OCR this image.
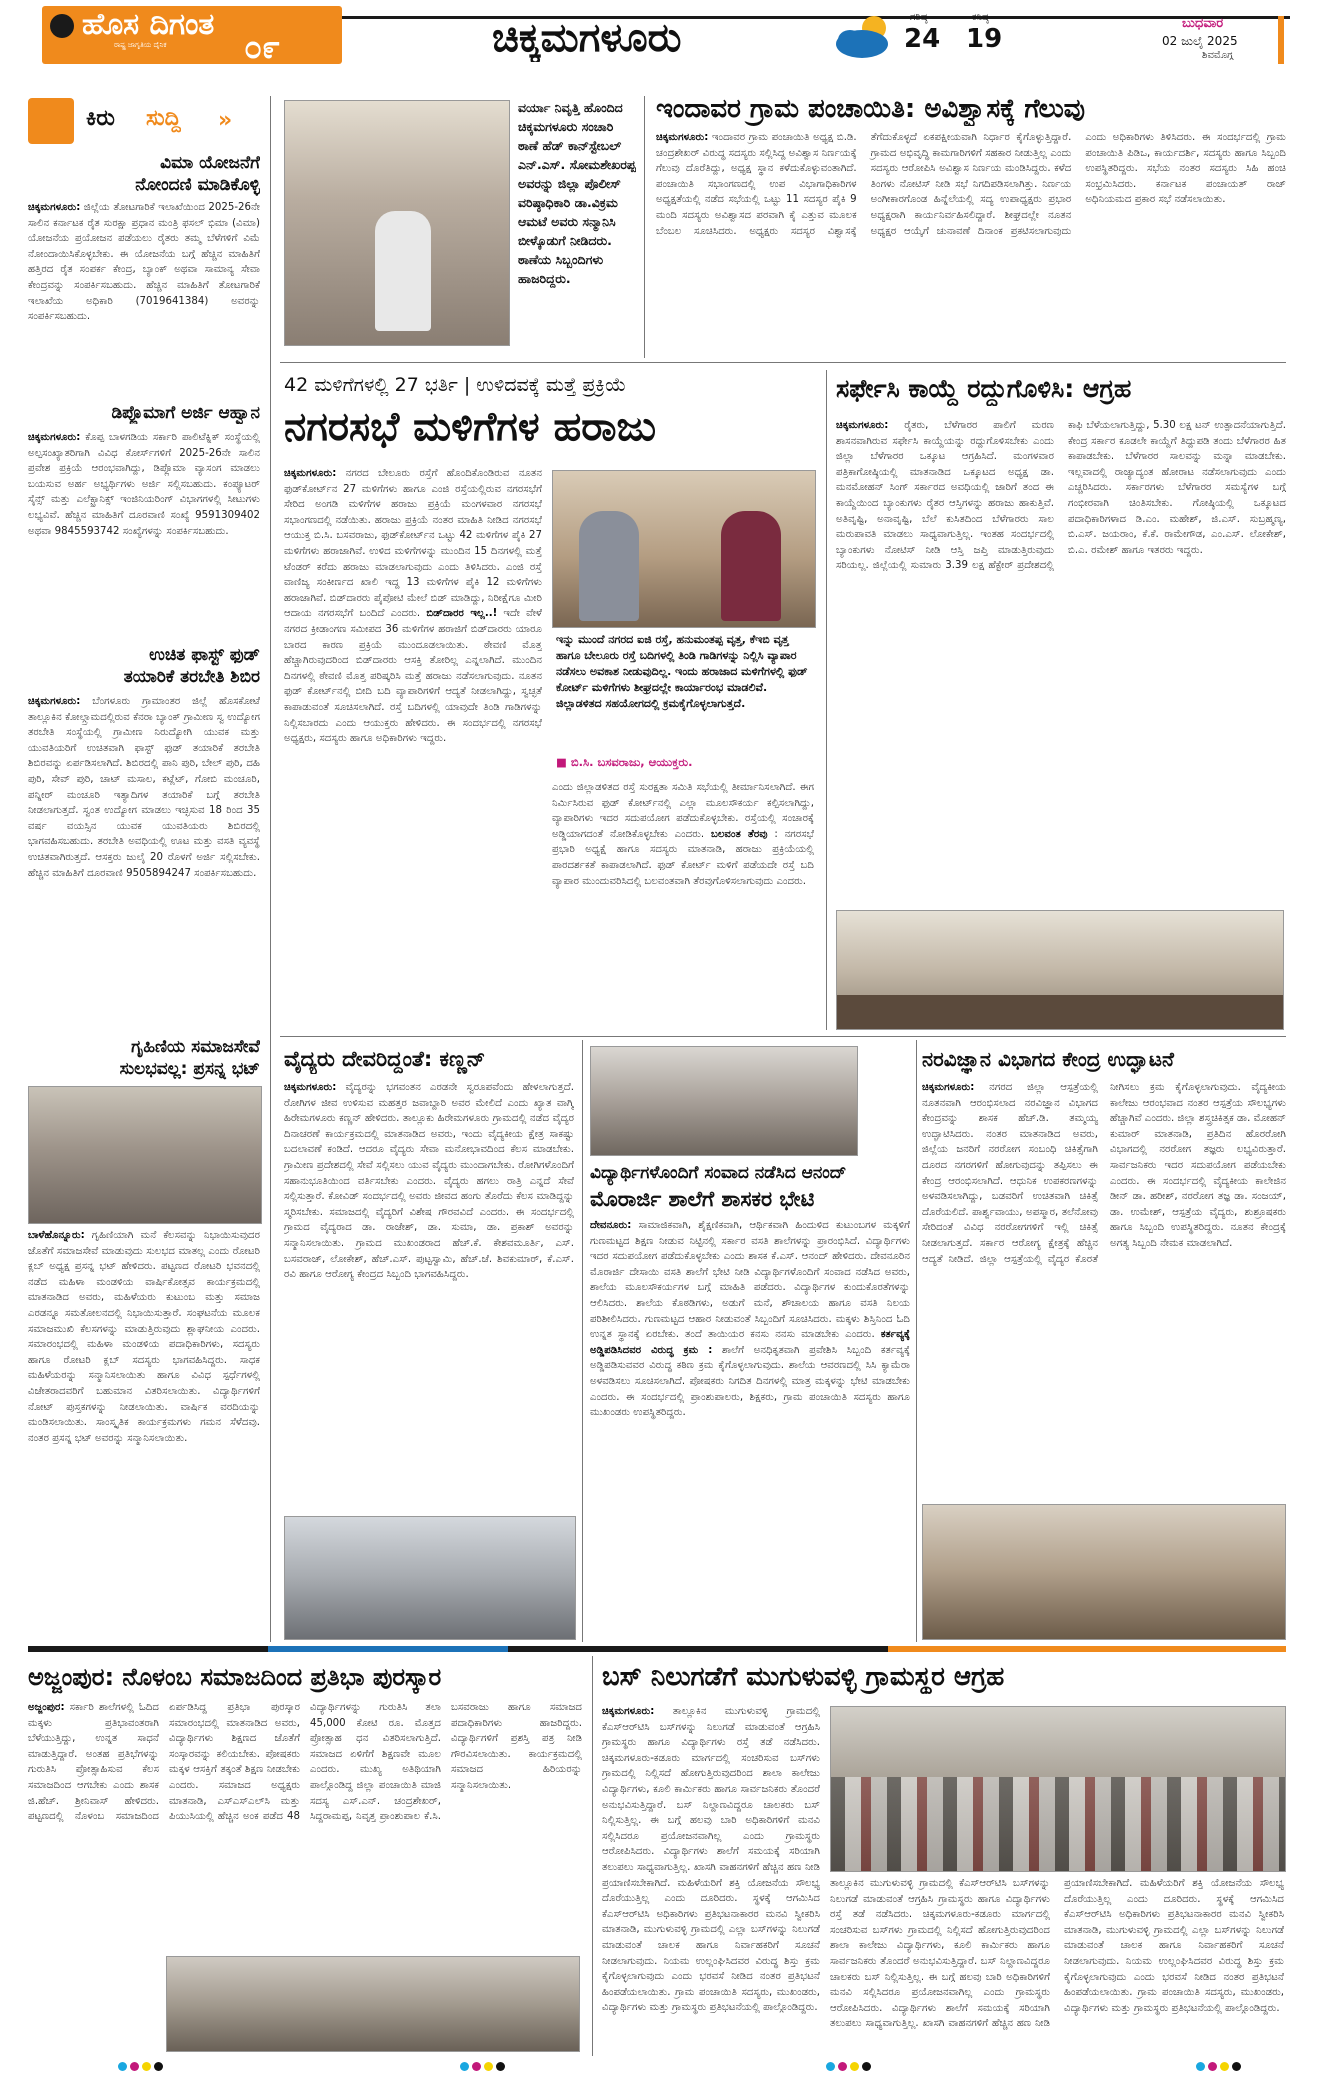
ಹೊಸ ದಿಗಂತ
ರಾಷ್ಟ್ರ ಜಾಗೃತಿಯ ದೈನಿಕ	೦೯	ಚಿಕ್ಕಮಗಳೂರು	ಗರಿಷ್ಠ
24
ಕನಿಷ್ಠ
19
ಬುಧವಾರ
02 ಜುಲೈ 2025
ಶಿವಮೊಗ್ಗ
ಕಿರು ಸುದ್ದಿ »
ವಿಮಾ ಯೋಜನೆಗೆ
ನೋಂದಣಿ ಮಾಡಿಕೊಳ್ಳಿ
ಚಿಕ್ಕಮಗಳೂರು: ಜಿಲ್ಲೆಯ ತೋಟಗಾರಿಕೆ ಇಲಾಖೆಯಿಂದ 2025-26ನೇ ಸಾಲಿನ ಕರ್ನಾಟಕ ರೈತ ಸುರಕ್ಷಾ ಪ್ರಧಾನ ಮಂತ್ರಿ ಫಸಲ್ ಭಿಮಾ (ವಿಮಾ) ಯೋಜನೆಯ ಪ್ರಯೋಜನ ಪಡೆಯಲು ರೈತರು ತಮ್ಮ ಬೆಳೆಗಳಿಗೆ ವಿಮೆ ನೋಂದಾಯಿಸಿಕೊಳ್ಳಬೇಕು. ಈ ಯೋಜನೆಯ ಬಗ್ಗೆ ಹೆಚ್ಚಿನ ಮಾಹಿತಿಗೆ ಹತ್ತಿರದ ರೈತ ಸಂಪರ್ಕ ಕೇಂದ್ರ, ಬ್ಯಾಂಕ್ ಅಥವಾ ಸಾಮಾನ್ಯ ಸೇವಾ ಕೇಂದ್ರವನ್ನು ಸಂಪರ್ಕಿಸಬಹುದು. ಹೆಚ್ಚಿನ ಮಾಹಿತಿಗೆ ತೋಟಗಾರಿಕೆ ಇಲಾಖೆಯ ಅಧಿಕಾರಿ (7019641384) ಅವರನ್ನು ಸಂಪರ್ಕಿಸಬಹುದು.
ಡಿಪ್ಲೊಮಾಗೆ ಅರ್ಜಿ ಆಹ್ವಾನ
ಚಿಕ್ಕಮಗಳೂರು: ಕೊಪ್ಪ ಬಾಳಗಡಿಯ ಸರ್ಕಾರಿ ಪಾಲಿಟೆಕ್ನಿಕ್ ಸಂಸ್ಥೆಯಲ್ಲಿ ಅಲ್ಪಸಂಖ್ಯಾತರಿಗಾಗಿ ವಿವಿಧ ಕೋರ್ಸ್‌ಗಳಿಗೆ 2025-26ನೇ ಸಾಲಿನ ಪ್ರವೇಶ ಪ್ರಕ್ರಿಯೆ ಆರಂಭವಾಗಿದ್ದು, ಡಿಪ್ಲೊಮಾ ವ್ಯಾಸಂಗ ಮಾಡಲು ಬಯಸುವ ಅರ್ಹ ಅಭ್ಯರ್ಥಿಗಳು ಅರ್ಜಿ ಸಲ್ಲಿಸಬಹುದು. ಕಂಪ್ಯೂಟರ್ ಸೈನ್ಸ್ ಮತ್ತು ಎಲೆಕ್ಟ್ರಾನಿಕ್ಸ್ ಇಂಜಿನಿಯರಿಂಗ್ ವಿಭಾಗಗಳಲ್ಲಿ ಸೀಟುಗಳು ಲಭ್ಯವಿವೆ. ಹೆಚ್ಚಿನ ಮಾಹಿತಿಗೆ ದೂರವಾಣಿ ಸಂಖ್ಯೆ 9591309402 ಅಥವಾ 9845593742 ಸಂಖ್ಯೆಗಳನ್ನು ಸಂಪರ್ಕಿಸಬಹುದು.
ಉಚಿತ ಫಾಸ್ಟ್ ಫುಡ್
ತಯಾರಿಕೆ ತರಬೇತಿ ಶಿಬಿರ
ಚಿಕ್ಕಮಗಳೂರು: ಬೆಂಗಳೂರು ಗ್ರಾಮಾಂತರ ಜಿಲ್ಲೆ ಹೊಸಕೋಟೆ ತಾಲ್ಲೂಕಿನ ಕೋಲ್ಗ್ರಾಮದಲ್ಲಿರುವ ಕೆನರಾ ಬ್ಯಾಂಕ್ ಗ್ರಾಮೀಣ ಸ್ವ ಉದ್ಯೋಗ ತರಬೇತಿ ಸಂಸ್ಥೆಯಲ್ಲಿ ಗ್ರಾಮೀಣ ನಿರುದ್ಯೋಗಿ ಯುವಕ ಮತ್ತು ಯುವತಿಯರಿಗೆ ಉಚಿತವಾಗಿ ಫಾಸ್ಟ್ ಫುಡ್ ತಯಾರಿಕೆ ತರಬೇತಿ ಶಿಬಿರವನ್ನು ಏರ್ಪಡಿಸಲಾಗಿದೆ. ಶಿಬಿರದಲ್ಲಿ ಪಾನಿ ಪುರಿ, ಬೇಲ್ ಪುರಿ, ದಹಿ ಪುರಿ, ಸೇವ್ ಪುರಿ, ಚಾಟ್ ಮಸಾಲ, ಕಟ್ಲೆಟ್, ಗೋಬಿ ಮಂಚೂರಿ, ಪನ್ನೀರ್ ಮಂಚೂರಿ ಇತ್ಯಾದಿಗಳ ತಯಾರಿಕೆ ಬಗ್ಗೆ ತರಬೇತಿ ನೀಡಲಾಗುತ್ತದೆ. ಸ್ವಂತ ಉದ್ಯೋಗ ಮಾಡಲು ಇಚ್ಛಿಸುವ 18 ರಿಂದ 35 ವರ್ಷ ವಯಸ್ಸಿನ ಯುವಕ ಯುವತಿಯರು ಶಿಬಿರದಲ್ಲಿ ಭಾಗವಹಿಸಬಹುದು. ತರಬೇತಿ ಅವಧಿಯಲ್ಲಿ ಊಟ ಮತ್ತು ವಸತಿ ವ್ಯವಸ್ಥೆ ಉಚಿತವಾಗಿರುತ್ತದೆ. ಆಸಕ್ತರು ಜುಲೈ 20 ರೊಳಗೆ ಅರ್ಜಿ ಸಲ್ಲಿಸಬೇಕು. ಹೆಚ್ಚಿನ ಮಾಹಿತಿಗೆ ದೂರವಾಣಿ 9505894247 ಸಂಪರ್ಕಿಸಬಹುದು.
ಗೃಹಿಣಿಯ ಸಮಾಜಸೇವೆ
ಸುಲಭವಲ್ಲ: ಪ್ರಸನ್ನ ಭಟ್
ಬಾಳೆಹೊನ್ನೂರು: ಗೃಹಿಣಿಯಾಗಿ ಮನೆ ಕೆಲಸವನ್ನು ನಿಭಾಯಿಸುವುದರ ಜೊತೆಗೆ ಸಮಾಜಸೇವೆ ಮಾಡುವುದು ಸುಲಭದ ಮಾತಲ್ಲ ಎಂದು ರೋಟರಿ ಕ್ಲಬ್ ಅಧ್ಯಕ್ಷ ಪ್ರಸನ್ನ ಭಟ್ ಹೇಳಿದರು. ಪಟ್ಟಣದ ರೋಟರಿ ಭವನದಲ್ಲಿ ನಡೆದ ಮಹಿಳಾ ಮಂಡಳಿಯ ವಾರ್ಷಿಕೋತ್ಸವ ಕಾರ್ಯಕ್ರಮದಲ್ಲಿ ಮಾತನಾಡಿದ ಅವರು, ಮಹಿಳೆಯರು ಕುಟುಂಬ ಮತ್ತು ಸಮಾಜ ಎರಡನ್ನೂ ಸಮತೋಲನದಲ್ಲಿ ನಿಭಾಯಿಸುತ್ತಾರೆ. ಸಂಘಟನೆಯ ಮೂಲಕ ಸಮಾಜಮುಖಿ ಕೆಲಸಗಳನ್ನು ಮಾಡುತ್ತಿರುವುದು ಶ್ಲಾಘನೀಯ ಎಂದರು. ಸಮಾರಂಭದಲ್ಲಿ ಮಹಿಳಾ ಮಂಡಳಿಯ ಪದಾಧಿಕಾರಿಗಳು, ಸದಸ್ಯರು ಹಾಗೂ ರೋಟರಿ ಕ್ಲಬ್ ಸದಸ್ಯರು ಭಾಗವಹಿಸಿದ್ದರು. ಸಾಧಕ ಮಹಿಳೆಯರನ್ನು ಸನ್ಮಾನಿಸಲಾಯಿತು ಹಾಗೂ ವಿವಿಧ ಸ್ಪರ್ಧೆಗಳಲ್ಲಿ ವಿಜೇತರಾದವರಿಗೆ ಬಹುಮಾನ ವಿತರಿಸಲಾಯಿತು. ವಿದ್ಯಾರ್ಥಿಗಳಿಗೆ ನೋಟ್ ಪುಸ್ತಕಗಳನ್ನು ನೀಡಲಾಯಿತು. ವಾರ್ಷಿಕ ವರದಿಯನ್ನು ಮಂಡಿಸಲಾಯಿತು. ಸಾಂಸ್ಕೃತಿಕ ಕಾರ್ಯಕ್ರಮಗಳು ಗಮನ ಸೆಳೆದವು. ನಂತರ ಪ್ರಸನ್ನ ಭಟ್ ಅವರನ್ನು ಸನ್ಮಾನಿಸಲಾಯಿತು.
ವರ್ಯಾ ನಿವೃತ್ತಿ ಹೊಂದಿದ ಚಿಕ್ಕಮಗಳೂರು ಸಂಚಾರಿ ಠಾಣೆ ಹೆಡ್ ಕಾನ್‌ಸ್ಟೇಬಲ್ ಎನ್.ಎಸ್. ಸೋಮಶೇಖರಪ್ಪ ಅವರನ್ನು ಜಿಲ್ಲಾ ಪೊಲೀಸ್ ವರಿಷ್ಠಾಧಿಕಾರಿ ಡಾ.ವಿಕ್ರಮ ಆಮಟೆ ಅವರು ಸನ್ಮಾನಿಸಿ ಬೀಳ್ಕೊಡುಗೆ ನೀಡಿದರು. ಠಾಣೆಯ ಸಿಬ್ಬಂದಿಗಳು ಹಾಜರಿದ್ದರು.
ಇಂದಾವರ ಗ್ರಾಮ ಪಂಚಾಯಿತಿ: ಅವಿಶ್ವಾಸಕ್ಕೆ ಗೆಲುವು
ಚಿಕ್ಕಮಗಳೂರು: ಇಂದಾವರ ಗ್ರಾಮ ಪಂಚಾಯಿತಿ ಅಧ್ಯಕ್ಷ ಬಿ.ಡಿ. ಚಂದ್ರಶೇಖರ್ ವಿರುದ್ಧ ಸದಸ್ಯರು ಸಲ್ಲಿಸಿದ್ದ ಅವಿಶ್ವಾಸ ನಿರ್ಣಯಕ್ಕೆ ಗೆಲುವು ದೊರೆತಿದ್ದು, ಅಧ್ಯಕ್ಷ ಸ್ಥಾನ ಕಳೆದುಕೊಳ್ಳುವಂತಾಗಿದೆ. ಪಂಚಾಯಿತಿ ಸಭಾಂಗಣದಲ್ಲಿ ಉಪ ವಿಭಾಗಾಧಿಕಾರಿಗಳ ಅಧ್ಯಕ್ಷತೆಯಲ್ಲಿ ನಡೆದ ಸಭೆಯಲ್ಲಿ ಒಟ್ಟು 11 ಸದಸ್ಯರ ಪೈಕಿ 9 ಮಂದಿ ಸದಸ್ಯರು ಅವಿಶ್ವಾಸದ ಪರವಾಗಿ ಕೈ ಎತ್ತುವ ಮೂಲಕ ಬೆಂಬಲ ಸೂಚಿಸಿದರು. ಅಧ್ಯಕ್ಷರು ಸದಸ್ಯರ ವಿಶ್ವಾಸಕ್ಕೆ ತೆಗೆದುಕೊಳ್ಳದೆ ಏಕಪಕ್ಷೀಯವಾಗಿ ನಿರ್ಧಾರ ಕೈಗೊಳ್ಳುತ್ತಿದ್ದಾರೆ. ಗ್ರಾಮದ ಅಭಿವೃದ್ಧಿ ಕಾಮಗಾರಿಗಳಿಗೆ ಸಹಕಾರ ನೀಡುತ್ತಿಲ್ಲ ಎಂದು ಸದಸ್ಯರು ಆರೋಪಿಸಿ ಅವಿಶ್ವಾಸ ನಿರ್ಣಯ ಮಂಡಿಸಿದ್ದರು. ಕಳೆದ ತಿಂಗಳು ನೋಟಿಸ್ ನೀಡಿ ಸಭೆ ನಿಗದಿಪಡಿಸಲಾಗಿತ್ತು. ನಿರ್ಣಯ ಅಂಗೀಕಾರಗೊಂಡ ಹಿನ್ನೆಲೆಯಲ್ಲಿ ಸದ್ಯ ಉಪಾಧ್ಯಕ್ಷರು ಪ್ರಭಾರ ಅಧ್ಯಕ್ಷರಾಗಿ ಕಾರ್ಯನಿರ್ವಹಿಸಲಿದ್ದಾರೆ. ಶೀಘ್ರದಲ್ಲೇ ನೂತನ ಅಧ್ಯಕ್ಷರ ಆಯ್ಕೆಗೆ ಚುನಾವಣೆ ದಿನಾಂಕ ಪ್ರಕಟಿಸಲಾಗುವುದು ಎಂದು ಅಧಿಕಾರಿಗಳು ತಿಳಿಸಿದರು. ಈ ಸಂದರ್ಭದಲ್ಲಿ ಗ್ರಾಮ ಪಂಚಾಯಿತಿ ಪಿಡಿಒ, ಕಾರ್ಯದರ್ಶಿ, ಸದಸ್ಯರು ಹಾಗೂ ಸಿಬ್ಬಂದಿ ಉಪಸ್ಥಿತರಿದ್ದರು. ಸಭೆಯ ನಂತರ ಸದಸ್ಯರು ಸಿಹಿ ಹಂಚಿ ಸಂಭ್ರಮಿಸಿದರು. ಕರ್ನಾಟಕ ಪಂಚಾಯತ್ ರಾಜ್ ಅಧಿನಿಯಮದ ಪ್ರಕಾರ ಸಭೆ ನಡೆಸಲಾಯಿತು.
42 ಮಳಿಗೆಗಳಲ್ಲಿ 27 ಭರ್ತಿ | ಉಳಿದವಕ್ಕೆ ಮತ್ತೆ ಪ್ರಕ್ರಿಯೆ
ನಗರಸಭೆ ಮಳಿಗೆಗಳ ಹರಾಜು
ಚಿಕ್ಕಮಗಳೂರು: ನಗರದ ಬೇಲೂರು ರಸ್ತೆಗೆ ಹೊಂದಿಕೊಂಡಿರುವ ನೂತನ ಫುಡ್‌ಕೋರ್ಟ್‌ನ 27 ಮಳಿಗೆಗಳು ಹಾಗೂ ಎಂಜಿ ರಸ್ತೆಯಲ್ಲಿರುವ ನಗರಸಭೆಗೆ ಸೇರಿದ ಅಂಗಡಿ ಮಳಿಗೆಗಳ ಹರಾಜು ಪ್ರಕ್ರಿಯೆ ಮಂಗಳವಾರ ನಗರಸಭೆ ಸಭಾಂಗಣದಲ್ಲಿ ನಡೆಯಿತು. ಹರಾಜು ಪ್ರಕ್ರಿಯೆ ನಂತರ ಮಾಹಿತಿ ನೀಡಿದ ನಗರಸಭೆ ಆಯುಕ್ತ ಬಿ.ಸಿ. ಬಸವರಾಜು, ಫುಡ್‌ಕೋರ್ಟ್‌ನ ಒಟ್ಟು 42 ಮಳಿಗೆಗಳ ಪೈಕಿ 27 ಮಳಿಗೆಗಳು ಹರಾಜಾಗಿವೆ. ಉಳಿದ ಮಳಿಗೆಗಳನ್ನು ಮುಂದಿನ 15 ದಿನಗಳಲ್ಲಿ ಮತ್ತೆ ಟೆಂಡರ್ ಕರೆದು ಹರಾಜು ಮಾಡಲಾಗುವುದು ಎಂದು ತಿಳಿಸಿದರು. ಎಂಜಿ ರಸ್ತೆ ವಾಣಿಜ್ಯ ಸಂಕೀರ್ಣದ ಖಾಲಿ ಇದ್ದ 13 ಮಳಿಗೆಗಳ ಪೈಕಿ 12 ಮಳಿಗೆಗಳು ಹರಾಜಾಗಿವೆ. ಬಿಡ್‌ದಾರರು ಪೈಪೋಟಿ ಮೇಲೆ ಬಿಡ್ ಮಾಡಿದ್ದು, ನಿರೀಕ್ಷೆಗೂ ಮೀರಿ ಆದಾಯ ನಗರಸಭೆಗೆ ಬಂದಿದೆ ಎಂದರು. ಬಿಡ್‌ದಾರರ ಇಲ್ಲ..! ಇದೇ ವೇಳೆ ನಗರದ ಕ್ರೀಡಾಂಗಣ ಸಮೀಪದ 36 ಮಳಿಗೆಗಳ ಹರಾಜಿಗೆ ಬಿಡ್‌ದಾರರು ಯಾರೂ ಬಾರದ ಕಾರಣ ಪ್ರಕ್ರಿಯೆ ಮುಂದೂಡಲಾಯಿತು. ಠೇವಣಿ ಮೊತ್ತ ಹೆಚ್ಚಾಗಿರುವುದರಿಂದ ಬಿಡ್‌ದಾರರು ಆಸಕ್ತಿ ತೋರಿಲ್ಲ ಎನ್ನಲಾಗಿದೆ. ಮುಂದಿನ ದಿನಗಳಲ್ಲಿ ಠೇವಣಿ ಮೊತ್ತ ಪರಿಷ್ಕರಿಸಿ ಮತ್ತೆ ಹರಾಜು ನಡೆಸಲಾಗುವುದು. ನೂತನ ಫುಡ್ ಕೋರ್ಟ್‌ನಲ್ಲಿ ಬೀದಿ ಬದಿ ವ್ಯಾಪಾರಿಗಳಿಗೆ ಆದ್ಯತೆ ನೀಡಲಾಗಿದ್ದು, ಸ್ವಚ್ಛತೆ ಕಾಪಾಡುವಂತೆ ಸೂಚಿಸಲಾಗಿದೆ. ರಸ್ತೆ ಬದಿಗಳಲ್ಲಿ ಯಾವುದೇ ತಿಂಡಿ ಗಾಡಿಗಳನ್ನು ನಿಲ್ಲಿಸಬಾರದು ಎಂದು ಆಯುಕ್ತರು ಹೇಳಿದರು. ಈ ಸಂದರ್ಭದಲ್ಲಿ ನಗರಸಭೆ ಅಧ್ಯಕ್ಷರು, ಸದಸ್ಯರು ಹಾಗೂ ಅಧಿಕಾರಿಗಳು ಇದ್ದರು.
ಇನ್ನು ಮುಂದೆ ನಗರದ ಐಜಿ ರಸ್ತೆ, ಹನುಮಂತಪ್ಪ ವೃತ್ತ, ಕೆಇಬಿ ವೃತ್ತ ಹಾಗೂ ಬೇಲೂರು ರಸ್ತೆ ಬದಿಗಳಲ್ಲಿ ತಿಂಡಿ ಗಾಡಿಗಳನ್ನು ನಿಲ್ಲಿಸಿ ವ್ಯಾಪಾರ ನಡೆಸಲು ಅವಕಾಶ ನೀಡುವುದಿಲ್ಲ. ಇಂದು ಹರಾಜಾದ ಮಳಿಗೆಗಳಲ್ಲಿ ಫುಡ್ ಕೋರ್ಟ್ ಮಳಿಗೆಗಳು ಶೀಘ್ರದಲ್ಲೇ ಕಾರ್ಯಾರಂಭ ಮಾಡಲಿವೆ. ಜಿಲ್ಲಾಡಳಿತದ ಸಹಯೋಗದಲ್ಲಿ ಕ್ರಮಕೈಗೊಳ್ಳಲಾಗುತ್ತದೆ.
■ ಬಿ.ಸಿ. ಬಸವರಾಜು, ಆಯುಕ್ತರು.
ಎಂದು ಜಿಲ್ಲಾಡಳಿತದ ರಸ್ತೆ ಸುರಕ್ಷತಾ ಸಮಿತಿ ಸಭೆಯಲ್ಲಿ ತೀರ್ಮಾನಿಸಲಾಗಿದೆ. ಈಗ ನಿರ್ಮಿಸಿರುವ ಫುಡ್ ಕೋರ್ಟ್‌ನಲ್ಲಿ ಎಲ್ಲಾ ಮೂಲಸೌಕರ್ಯ ಕಲ್ಪಿಸಲಾಗಿದ್ದು, ವ್ಯಾಪಾರಿಗಳು ಇದರ ಸದುಪಯೋಗ ಪಡೆದುಕೊಳ್ಳಬೇಕು. ರಸ್ತೆಯಲ್ಲಿ ಸಂಚಾರಕ್ಕೆ ಅಡ್ಡಿಯಾಗದಂತೆ ನೋಡಿಕೊಳ್ಳಬೇಕು ಎಂದರು. ಬಲವಂತ ತೆರವು : ನಗರಸಭೆ ಪ್ರಭಾರಿ ಅಧ್ಯಕ್ಷೆ ಹಾಗೂ ಸದಸ್ಯರು ಮಾತನಾಡಿ, ಹರಾಜು ಪ್ರಕ್ರಿಯೆಯಲ್ಲಿ ಪಾರದರ್ಶಕತೆ ಕಾಪಾಡಲಾಗಿದೆ. ಫುಡ್ ಕೋರ್ಟ್ ಮಳಿಗೆ ಪಡೆಯದೇ ರಸ್ತೆ ಬದಿ ವ್ಯಾಪಾರ ಮುಂದುವರಿಸಿದಲ್ಲಿ ಬಲವಂತವಾಗಿ ತೆರವುಗೊಳಿಸಲಾಗುವುದು ಎಂದರು.
ಸರ್ಫೇಸಿ ಕಾಯ್ದೆ ರದ್ದುಗೊಳಿಸಿ: ಆಗ್ರಹ
ಚಿಕ್ಕಮಗಳೂರು: ರೈತರು, ಬೆಳೆಗಾರರ ಪಾಲಿಗೆ ಮರಣ ಶಾಸನವಾಗಿರುವ ಸರ್ಫೇಸಿ ಕಾಯ್ದೆಯನ್ನು ರದ್ದುಗೊಳಿಸಬೇಕು ಎಂದು ಜಿಲ್ಲಾ ಬೆಳೆಗಾರರ ಒಕ್ಕೂಟ ಆಗ್ರಹಿಸಿದೆ. ಮಂಗಳವಾರ ಪತ್ರಿಕಾಗೋಷ್ಠಿಯಲ್ಲಿ ಮಾತನಾಡಿದ ಒಕ್ಕೂಟದ ಅಧ್ಯಕ್ಷ ಡಾ. ಮನಮೋಹನ್ ಸಿಂಗ್ ಸರ್ಕಾರದ ಅವಧಿಯಲ್ಲಿ ಜಾರಿಗೆ ತಂದ ಈ ಕಾಯ್ದೆಯಿಂದ ಬ್ಯಾಂಕುಗಳು ರೈತರ ಆಸ್ತಿಗಳನ್ನು ಹರಾಜು ಹಾಕುತ್ತಿವೆ. ಅತಿವೃಷ್ಟಿ, ಅನಾವೃಷ್ಟಿ, ಬೆಲೆ ಕುಸಿತದಿಂದ ಬೆಳೆಗಾರರು ಸಾಲ ಮರುಪಾವತಿ ಮಾಡಲು ಸಾಧ್ಯವಾಗುತ್ತಿಲ್ಲ. ಇಂತಹ ಸಂದರ್ಭದಲ್ಲಿ ಬ್ಯಾಂಕುಗಳು ನೋಟಿಸ್ ನೀಡಿ ಆಸ್ತಿ ಜಪ್ತಿ ಮಾಡುತ್ತಿರುವುದು ಸರಿಯಲ್ಲ. ಜಿಲ್ಲೆಯಲ್ಲಿ ಸುಮಾರು 3.39 ಲಕ್ಷ ಹೆಕ್ಟೇರ್ ಪ್ರದೇಶದಲ್ಲಿ ಕಾಫಿ ಬೆಳೆಯಲಾಗುತ್ತಿದ್ದು, 5.30 ಲಕ್ಷ ಟನ್ ಉತ್ಪಾದನೆಯಾಗುತ್ತಿದೆ. ಕೇಂದ್ರ ಸರ್ಕಾರ ಕೂಡಲೇ ಕಾಯ್ದೆಗೆ ತಿದ್ದುಪಡಿ ತಂದು ಬೆಳೆಗಾರರ ಹಿತ ಕಾಪಾಡಬೇಕು. ಬೆಳೆಗಾರರ ಸಾಲವನ್ನು ಮನ್ನಾ ಮಾಡಬೇಕು. ಇಲ್ಲವಾದಲ್ಲಿ ರಾಜ್ಯಾದ್ಯಂತ ಹೋರಾಟ ನಡೆಸಲಾಗುವುದು ಎಂದು ಎಚ್ಚರಿಸಿದರು. ಸರ್ಕಾರಗಳು ಬೆಳೆಗಾರರ ಸಮಸ್ಯೆಗಳ ಬಗ್ಗೆ ಗಂಭೀರವಾಗಿ ಚಿಂತಿಸಬೇಕು. ಗೋಷ್ಠಿಯಲ್ಲಿ ಒಕ್ಕೂಟದ ಪದಾಧಿಕಾರಿಗಳಾದ ಡಿ.ಎಂ. ಮಹೇಶ್, ಜಿ.ಎಸ್. ಸುಬ್ರಹ್ಮಣ್ಯ, ಬಿ.ಎಸ್. ಜಯರಾಂ, ಕೆ.ಕೆ. ರಾಮೇಗೌಡ, ಎಂ.ಎಸ್. ಲೋಕೇಶ್, ಬಿ.ಎ. ರಮೇಶ್ ಹಾಗೂ ಇತರರು ಇದ್ದರು.
ವೈದ್ಯರು ದೇವರಿದ್ದಂತೆ: ಕಣ್ಣನ್
ಚಿಕ್ಕಮಗಳೂರು: ವೈದ್ಯರನ್ನು ಭಗವಂತನ ಎರಡನೇ ಸ್ವರೂಪವೆಂದು ಹೇಳಲಾಗುತ್ತದೆ. ರೋಗಿಗಳ ಜೀವ ಉಳಿಸುವ ಮಹತ್ತರ ಜವಾಬ್ದಾರಿ ಅವರ ಮೇಲಿದೆ ಎಂದು ಖ್ಯಾತ ವಾಗ್ಮಿ ಹಿರೇಮಗಳೂರು ಕಣ್ಣನ್ ಹೇಳಿದರು. ತಾಲ್ಲೂಕು ಹಿರೇಮಗಳೂರು ಗ್ರಾಮದಲ್ಲಿ ನಡೆದ ವೈದ್ಯರ ದಿನಾಚರಣೆ ಕಾರ್ಯಕ್ರಮದಲ್ಲಿ ಮಾತನಾಡಿದ ಅವರು, ಇಂದು ವೈದ್ಯಕೀಯ ಕ್ಷೇತ್ರ ಸಾಕಷ್ಟು ಬದಲಾವಣೆ ಕಂಡಿದೆ. ಆದರೂ ವೈದ್ಯರು ಸೇವಾ ಮನೋಭಾವದಿಂದ ಕೆಲಸ ಮಾಡಬೇಕು. ಗ್ರಾಮೀಣ ಪ್ರದೇಶದಲ್ಲಿ ಸೇವೆ ಸಲ್ಲಿಸಲು ಯುವ ವೈದ್ಯರು ಮುಂದಾಗಬೇಕು. ರೋಗಿಗಳೊಂದಿಗೆ ಸಹಾನುಭೂತಿಯಿಂದ ವರ್ತಿಸಬೇಕು ಎಂದರು. ವೈದ್ಯರು ಹಗಲು ರಾತ್ರಿ ಎನ್ನದೆ ಸೇವೆ ಸಲ್ಲಿಸುತ್ತಾರೆ. ಕೋವಿಡ್ ಸಂದರ್ಭದಲ್ಲಿ ಅವರು ಜೀವದ ಹಂಗು ತೊರೆದು ಕೆಲಸ ಮಾಡಿದ್ದನ್ನು ಸ್ಮರಿಸಬೇಕು. ಸಮಾಜದಲ್ಲಿ ವೈದ್ಯರಿಗೆ ವಿಶೇಷ ಗೌರವವಿದೆ ಎಂದರು. ಈ ಸಂದರ್ಭದಲ್ಲಿ ಗ್ರಾಮದ ವೈದ್ಯರಾದ ಡಾ. ರಾಜೇಶ್, ಡಾ. ಸುಮಾ, ಡಾ. ಪ್ರಕಾಶ್ ಅವರನ್ನು ಸನ್ಮಾನಿಸಲಾಯಿತು. ಗ್ರಾಮದ ಮುಖಂಡರಾದ ಹೆಚ್.ಕೆ. ಕೇಶವಮೂರ್ತಿ, ಎಸ್. ಬಸವರಾಜ್, ಲೋಕೇಶ್, ಹೆಚ್.ಎಸ್. ಪುಟ್ಟಸ್ವಾಮಿ, ಹೆಚ್.ಜೆ. ಶಿವಕುಮಾರ್, ಕೆ.ಎಸ್. ರವಿ ಹಾಗೂ ಆರೋಗ್ಯ ಕೇಂದ್ರದ ಸಿಬ್ಬಂದಿ ಭಾಗವಹಿಸಿದ್ದರು.
ವಿದ್ಯಾರ್ಥಿಗಳೊಂದಿಗೆ ಸಂವಾದ ನಡೆಸಿದ ಆನಂದ್
ಮೊರಾರ್ಜಿ ಶಾಲೆಗೆ ಶಾಸಕರ ಭೇಟಿ
ದೇವನೂರು: ಸಾಮಾಜಿಕವಾಗಿ, ಶೈಕ್ಷಣಿಕವಾಗಿ, ಆರ್ಥಿಕವಾಗಿ ಹಿಂದುಳಿದ ಕುಟುಂಬಗಳ ಮಕ್ಕಳಿಗೆ ಗುಣಮಟ್ಟದ ಶಿಕ್ಷಣ ನೀಡುವ ನಿಟ್ಟಿನಲ್ಲಿ ಸರ್ಕಾರ ವಸತಿ ಶಾಲೆಗಳನ್ನು ಪ್ರಾರಂಭಿಸಿದೆ. ವಿದ್ಯಾರ್ಥಿಗಳು ಇದರ ಸದುಪಯೋಗ ಪಡೆದುಕೊಳ್ಳಬೇಕು ಎಂದು ಶಾಸಕ ಕೆ.ಎಸ್. ಆನಂದ್ ಹೇಳಿದರು. ದೇವನೂರಿನ ಮೊರಾರ್ಜಿ ದೇಸಾಯಿ ವಸತಿ ಶಾಲೆಗೆ ಭೇಟಿ ನೀಡಿ ವಿದ್ಯಾರ್ಥಿಗಳೊಂದಿಗೆ ಸಂವಾದ ನಡೆಸಿದ ಅವರು, ಶಾಲೆಯ ಮೂಲಸೌಕರ್ಯಗಳ ಬಗ್ಗೆ ಮಾಹಿತಿ ಪಡೆದರು. ವಿದ್ಯಾರ್ಥಿಗಳ ಕುಂದುಕೊರತೆಗಳನ್ನು ಆಲಿಸಿದರು. ಶಾಲೆಯ ಕೊಠಡಿಗಳು, ಅಡುಗೆ ಮನೆ, ಶೌಚಾಲಯ ಹಾಗೂ ವಸತಿ ನಿಲಯ ಪರಿಶೀಲಿಸಿದರು. ಗುಣಮಟ್ಟದ ಆಹಾರ ನೀಡುವಂತೆ ಸಿಬ್ಬಂದಿಗೆ ಸೂಚಿಸಿದರು. ಮಕ್ಕಳು ಶಿಸ್ತಿನಿಂದ ಓದಿ ಉನ್ನತ ಸ್ಥಾನಕ್ಕೆ ಏರಬೇಕು. ತಂದೆ ತಾಯಿಯರ ಕನಸು ನನಸು ಮಾಡಬೇಕು ಎಂದರು. ಕರ್ತವ್ಯಕ್ಕೆ ಅಡ್ಡಿಪಡಿಸಿದವರ ವಿರುದ್ಧ ಕ್ರಮ : ಶಾಲೆಗೆ ಅನಧಿಕೃತವಾಗಿ ಪ್ರವೇಶಿಸಿ ಸಿಬ್ಬಂದಿ ಕರ್ತವ್ಯಕ್ಕೆ ಅಡ್ಡಿಪಡಿಸುವವರ ವಿರುದ್ಧ ಕಠಿಣ ಕ್ರಮ ಕೈಗೊಳ್ಳಲಾಗುವುದು. ಶಾಲೆಯ ಆವರಣದಲ್ಲಿ ಸಿಸಿ ಕ್ಯಾಮೆರಾ ಅಳವಡಿಸಲು ಸೂಚಿಸಲಾಗಿದೆ. ಪೋಷಕರು ನಿಗದಿತ ದಿನಗಳಲ್ಲಿ ಮಾತ್ರ ಮಕ್ಕಳನ್ನು ಭೇಟಿ ಮಾಡಬೇಕು ಎಂದರು. ಈ ಸಂದರ್ಭದಲ್ಲಿ ಪ್ರಾಂಶುಪಾಲರು, ಶಿಕ್ಷಕರು, ಗ್ರಾಮ ಪಂಚಾಯಿತಿ ಸದಸ್ಯರು ಹಾಗೂ ಮುಖಂಡರು ಉಪಸ್ಥಿತರಿದ್ದರು.
ನರವಿಜ್ಞಾನ ವಿಭಾಗದ ಕೇಂದ್ರ ಉದ್ಘಾಟನೆ
ಚಿಕ್ಕಮಗಳೂರು: ನಗರದ ಜಿಲ್ಲಾ ಆಸ್ಪತ್ರೆಯಲ್ಲಿ ನೂತನವಾಗಿ ಆರಂಭಿಸಲಾದ ನರವಿಜ್ಞಾನ ವಿಭಾಗದ ಕೇಂದ್ರವನ್ನು ಶಾಸಕ ಹೆಚ್.ಡಿ. ತಮ್ಮಯ್ಯ ಉದ್ಘಾಟಿಸಿದರು. ನಂತರ ಮಾತನಾಡಿದ ಅವರು, ಜಿಲ್ಲೆಯ ಜನರಿಗೆ ನರರೋಗ ಸಂಬಂಧಿ ಚಿಕಿತ್ಸೆಗಾಗಿ ದೂರದ ನಗರಗಳಿಗೆ ಹೋಗುವುದನ್ನು ತಪ್ಪಿಸಲು ಈ ಕೇಂದ್ರ ಆರಂಭಿಸಲಾಗಿದೆ. ಆಧುನಿಕ ಉಪಕರಣಗಳನ್ನು ಅಳವಡಿಸಲಾಗಿದ್ದು, ಬಡವರಿಗೆ ಉಚಿತವಾಗಿ ಚಿಕಿತ್ಸೆ ದೊರೆಯಲಿದೆ. ಪಾರ್ಶ್ವವಾಯು, ಅಪಸ್ಮಾರ, ತಲೆನೋವು ಸೇರಿದಂತೆ ವಿವಿಧ ನರರೋಗಗಳಿಗೆ ಇಲ್ಲಿ ಚಿಕಿತ್ಸೆ ನೀಡಲಾಗುತ್ತದೆ. ಸರ್ಕಾರ ಆರೋಗ್ಯ ಕ್ಷೇತ್ರಕ್ಕೆ ಹೆಚ್ಚಿನ ಆದ್ಯತೆ ನೀಡಿದೆ. ಜಿಲ್ಲಾ ಆಸ್ಪತ್ರೆಯಲ್ಲಿ ವೈದ್ಯರ ಕೊರತೆ ನೀಗಿಸಲು ಕ್ರಮ ಕೈಗೊಳ್ಳಲಾಗುವುದು. ವೈದ್ಯಕೀಯ ಕಾಲೇಜು ಆರಂಭವಾದ ನಂತರ ಆಸ್ಪತ್ರೆಯ ಸೌಲಭ್ಯಗಳು ಹೆಚ್ಚಾಗಿವೆ ಎಂದರು. ಜಿಲ್ಲಾ ಶಸ್ತ್ರಚಿಕಿತ್ಸಕ ಡಾ. ಮೋಹನ್ ಕುಮಾರ್ ಮಾತನಾಡಿ, ಪ್ರತಿದಿನ ಹೊರರೋಗಿ ವಿಭಾಗದಲ್ಲಿ ನರರೋಗ ತಜ್ಞರು ಲಭ್ಯವಿರುತ್ತಾರೆ. ಸಾರ್ವಜನಿಕರು ಇದರ ಸದುಪಯೋಗ ಪಡೆಯಬೇಕು ಎಂದರು. ಈ ಸಂದರ್ಭದಲ್ಲಿ ವೈದ್ಯಕೀಯ ಕಾಲೇಜಿನ ಡೀನ್ ಡಾ. ಹರೀಶ್, ನರರೋಗ ತಜ್ಞ ಡಾ. ಸಂಜಯ್, ಡಾ. ಉಮೇಶ್, ಆಸ್ಪತ್ರೆಯ ವೈದ್ಯರು, ಶುಶ್ರೂಷಕರು ಹಾಗೂ ಸಿಬ್ಬಂದಿ ಉಪಸ್ಥಿತರಿದ್ದರು. ನೂತನ ಕೇಂದ್ರಕ್ಕೆ ಅಗತ್ಯ ಸಿಬ್ಬಂದಿ ನೇಮಕ ಮಾಡಲಾಗಿದೆ.
ಅಜ್ಜಂಪುರ: ನೊಳಂಬ ಸಮಾಜದಿಂದ ಪ್ರತಿಭಾ ಪುರಸ್ಕಾರ
ಅಜ್ಜಂಪುರ: ಸರ್ಕಾರಿ ಶಾಲೆಗಳಲ್ಲಿ ಓದಿದ ಮಕ್ಕಳು ಪ್ರತಿಭಾವಂತರಾಗಿ ಬೆಳೆಯುತ್ತಿದ್ದು, ಉನ್ನತ ಸಾಧನೆ ಮಾಡುತ್ತಿದ್ದಾರೆ. ಅಂತಹ ಪ್ರತಿಭೆಗಳನ್ನು ಗುರುತಿಸಿ ಪ್ರೋತ್ಸಾಹಿಸುವ ಕೆಲಸ ಸಮಾಜದಿಂದ ಆಗಬೇಕು ಎಂದು ಶಾಸಕ ಜಿ.ಹೆಚ್. ಶ್ರೀನಿವಾಸ್ ಹೇಳಿದರು. ಪಟ್ಟಣದಲ್ಲಿ ನೊಳಂಬ ಸಮಾಜದಿಂದ ಏರ್ಪಡಿಸಿದ್ದ ಪ್ರತಿಭಾ ಪುರಸ್ಕಾರ ಸಮಾರಂಭದಲ್ಲಿ ಮಾತನಾಡಿದ ಅವರು, ವಿದ್ಯಾರ್ಥಿಗಳು ಶಿಕ್ಷಣದ ಜೊತೆಗೆ ಸಂಸ್ಕಾರವನ್ನು ಕಲಿಯಬೇಕು. ಪೋಷಕರು ಮಕ್ಕಳ ಆಸಕ್ತಿಗೆ ತಕ್ಕಂತೆ ಶಿಕ್ಷಣ ನೀಡಬೇಕು ಎಂದರು. ಸಮಾಜದ ಅಧ್ಯಕ್ಷರು ಮಾತನಾಡಿ, ಎಸ್‌ಎಸ್‌ಎಲ್‌ಸಿ ಮತ್ತು ಪಿಯುಸಿಯಲ್ಲಿ ಹೆಚ್ಚಿನ ಅಂಕ ಪಡೆದ 48 ವಿದ್ಯಾರ್ಥಿಗಳನ್ನು ಗುರುತಿಸಿ ತಲಾ 45,000 ಕೋಟಿ ರೂ. ಮೊತ್ತದ ಪ್ರೋತ್ಸಾಹ ಧನ ವಿತರಿಸಲಾಗುತ್ತಿದೆ. ಸಮಾಜದ ಏಳಿಗೆಗೆ ಶಿಕ್ಷಣವೇ ಮೂಲ ಎಂದರು. ಮುಖ್ಯ ಅತಿಥಿಯಾಗಿ ಪಾಲ್ಗೊಂಡಿದ್ದ ಜಿಲ್ಲಾ ಪಂಚಾಯಿತಿ ಮಾಜಿ ಸದಸ್ಯ ಎಸ್.ಎನ್. ಚಂದ್ರಶೇಖರ್, ಸಿದ್ದರಾಮಪ್ಪ, ನಿವೃತ್ತ ಪ್ರಾಂಶುಪಾಲ ಕೆ.ಸಿ. ಬಸವರಾಜು ಹಾಗೂ ಸಮಾಜದ ಪದಾಧಿಕಾರಿಗಳು ಹಾಜರಿದ್ದರು. ವಿದ್ಯಾರ್ಥಿಗಳಿಗೆ ಪ್ರಶಸ್ತಿ ಪತ್ರ ನೀಡಿ ಗೌರವಿಸಲಾಯಿತು. ಕಾರ್ಯಕ್ರಮದಲ್ಲಿ ಸಮಾಜದ ಹಿರಿಯರನ್ನು ಸನ್ಮಾನಿಸಲಾಯಿತು.
ಬಸ್ ನಿಲುಗಡೆಗೆ ಮುಗುಳುವಳ್ಳಿ ಗ್ರಾಮಸ್ಥರ ಆಗ್ರಹ
ಚಿಕ್ಕಮಗಳೂರು: ತಾಲ್ಲೂಕಿನ ಮುಗುಳುವಳ್ಳಿ ಗ್ರಾಮದಲ್ಲಿ ಕೆಎಸ್‌ಆರ್‌ಟಿಸಿ ಬಸ್‌ಗಳನ್ನು ನಿಲುಗಡೆ ಮಾಡುವಂತೆ ಆಗ್ರಹಿಸಿ ಗ್ರಾಮಸ್ಥರು ಹಾಗೂ ವಿದ್ಯಾರ್ಥಿಗಳು ರಸ್ತೆ ತಡೆ ನಡೆಸಿದರು. ಚಿಕ್ಕಮಗಳೂರು-ಕಡೂರು ಮಾರ್ಗದಲ್ಲಿ ಸಂಚರಿಸುವ ಬಸ್‌ಗಳು ಗ್ರಾಮದಲ್ಲಿ ನಿಲ್ಲಿಸದೆ ಹೋಗುತ್ತಿರುವುದರಿಂದ ಶಾಲಾ ಕಾಲೇಜು ವಿದ್ಯಾರ್ಥಿಗಳು, ಕೂಲಿ ಕಾರ್ಮಿಕರು ಹಾಗೂ ಸಾರ್ವಜನಿಕರು ತೊಂದರೆ ಅನುಭವಿಸುತ್ತಿದ್ದಾರೆ. ಬಸ್ ನಿಲ್ದಾಣವಿದ್ದರೂ ಚಾಲಕರು ಬಸ್ ನಿಲ್ಲಿಸುತ್ತಿಲ್ಲ. ಈ ಬಗ್ಗೆ ಹಲವು ಬಾರಿ ಅಧಿಕಾರಿಗಳಿಗೆ ಮನವಿ ಸಲ್ಲಿಸಿದರೂ ಪ್ರಯೋಜನವಾಗಿಲ್ಲ ಎಂದು ಗ್ರಾಮಸ್ಥರು ಆರೋಪಿಸಿದರು. ವಿದ್ಯಾರ್ಥಿಗಳು ಶಾಲೆಗೆ ಸಮಯಕ್ಕೆ ಸರಿಯಾಗಿ ತಲುಪಲು ಸಾಧ್ಯವಾಗುತ್ತಿಲ್ಲ. ಖಾಸಗಿ ವಾಹನಗಳಿಗೆ ಹೆಚ್ಚಿನ ಹಣ ನೀಡಿ ಪ್ರಯಾಣಿಸಬೇಕಾಗಿದೆ. ಮಹಿಳೆಯರಿಗೆ ಶಕ್ತಿ ಯೋಜನೆಯ ಸೌಲಭ್ಯ ದೊರೆಯುತ್ತಿಲ್ಲ ಎಂದು ದೂರಿದರು. ಸ್ಥಳಕ್ಕೆ ಆಗಮಿಸಿದ ಕೆಎಸ್‌ಆರ್‌ಟಿಸಿ ಅಧಿಕಾರಿಗಳು ಪ್ರತಿಭಟನಾಕಾರರ ಮನವಿ ಸ್ವೀಕರಿಸಿ ಮಾತನಾಡಿ, ಮುಗುಳುವಳ್ಳಿ ಗ್ರಾಮದಲ್ಲಿ ಎಲ್ಲಾ ಬಸ್‌ಗಳನ್ನು ನಿಲುಗಡೆ ಮಾಡುವಂತೆ ಚಾಲಕ ಹಾಗೂ ನಿರ್ವಾಹಕರಿಗೆ ಸೂಚನೆ ನೀಡಲಾಗುವುದು. ನಿಯಮ ಉಲ್ಲಂಘಿಸಿದವರ ವಿರುದ್ಧ ಶಿಸ್ತು ಕ್ರಮ ಕೈಗೊಳ್ಳಲಾಗುವುದು ಎಂದು ಭರವಸೆ ನೀಡಿದ ನಂತರ ಪ್ರತಿಭಟನೆ ಹಿಂಪಡೆಯಲಾಯಿತು. ಗ್ರಾಮ ಪಂಚಾಯಿತಿ ಸದಸ್ಯರು, ಮುಖಂಡರು, ವಿದ್ಯಾರ್ಥಿಗಳು ಮತ್ತು ಗ್ರಾಮಸ್ಥರು ಪ್ರತಿಭಟನೆಯಲ್ಲಿ ಪಾಲ್ಗೊಂಡಿದ್ದರು.
ತಾಲ್ಲೂಕಿನ ಮುಗುಳುವಳ್ಳಿ ಗ್ರಾಮದಲ್ಲಿ ಕೆಎಸ್‌ಆರ್‌ಟಿಸಿ ಬಸ್‌ಗಳನ್ನು ನಿಲುಗಡೆ ಮಾಡುವಂತೆ ಆಗ್ರಹಿಸಿ ಗ್ರಾಮಸ್ಥರು ಹಾಗೂ ವಿದ್ಯಾರ್ಥಿಗಳು ರಸ್ತೆ ತಡೆ ನಡೆಸಿದರು. ಚಿಕ್ಕಮಗಳೂರು-ಕಡೂರು ಮಾರ್ಗದಲ್ಲಿ ಸಂಚರಿಸುವ ಬಸ್‌ಗಳು ಗ್ರಾಮದಲ್ಲಿ ನಿಲ್ಲಿಸದೆ ಹೋಗುತ್ತಿರುವುದರಿಂದ ಶಾಲಾ ಕಾಲೇಜು ವಿದ್ಯಾರ್ಥಿಗಳು, ಕೂಲಿ ಕಾರ್ಮಿಕರು ಹಾಗೂ ಸಾರ್ವಜನಿಕರು ತೊಂದರೆ ಅನುಭವಿಸುತ್ತಿದ್ದಾರೆ. ಬಸ್ ನಿಲ್ದಾಣವಿದ್ದರೂ ಚಾಲಕರು ಬಸ್ ನಿಲ್ಲಿಸುತ್ತಿಲ್ಲ. ಈ ಬಗ್ಗೆ ಹಲವು ಬಾರಿ ಅಧಿಕಾರಿಗಳಿಗೆ ಮನವಿ ಸಲ್ಲಿಸಿದರೂ ಪ್ರಯೋಜನವಾಗಿಲ್ಲ ಎಂದು ಗ್ರಾಮಸ್ಥರು ಆರೋಪಿಸಿದರು. ವಿದ್ಯಾರ್ಥಿಗಳು ಶಾಲೆಗೆ ಸಮಯಕ್ಕೆ ಸರಿಯಾಗಿ ತಲುಪಲು ಸಾಧ್ಯವಾಗುತ್ತಿಲ್ಲ. ಖಾಸಗಿ ವಾಹನಗಳಿಗೆ ಹೆಚ್ಚಿನ ಹಣ ನೀಡಿ ಪ್ರಯಾಣಿಸಬೇಕಾಗಿದೆ. ಮಹಿಳೆಯರಿಗೆ ಶಕ್ತಿ ಯೋಜನೆಯ ಸೌಲಭ್ಯ ದೊರೆಯುತ್ತಿಲ್ಲ ಎಂದು ದೂರಿದರು. ಸ್ಥಳಕ್ಕೆ ಆಗಮಿಸಿದ ಕೆಎಸ್‌ಆರ್‌ಟಿಸಿ ಅಧಿಕಾರಿಗಳು ಪ್ರತಿಭಟನಾಕಾರರ ಮನವಿ ಸ್ವೀಕರಿಸಿ ಮಾತನಾಡಿ, ಮುಗುಳುವಳ್ಳಿ ಗ್ರಾಮದಲ್ಲಿ ಎಲ್ಲಾ ಬಸ್‌ಗಳನ್ನು ನಿಲುಗಡೆ ಮಾಡುವಂತೆ ಚಾಲಕ ಹಾಗೂ ನಿರ್ವಾಹಕರಿಗೆ ಸೂಚನೆ ನೀಡಲಾಗುವುದು. ನಿಯಮ ಉಲ್ಲಂಘಿಸಿದವರ ವಿರುದ್ಧ ಶಿಸ್ತು ಕ್ರಮ ಕೈಗೊಳ್ಳಲಾಗುವುದು ಎಂದು ಭರವಸೆ ನೀಡಿದ ನಂತರ ಪ್ರತಿಭಟನೆ ಹಿಂಪಡೆಯಲಾಯಿತು. ಗ್ರಾಮ ಪಂಚಾಯಿತಿ ಸದಸ್ಯರು, ಮುಖಂಡರು, ವಿದ್ಯಾರ್ಥಿಗಳು ಮತ್ತು ಗ್ರಾಮಸ್ಥರು ಪ್ರತಿಭಟನೆಯಲ್ಲಿ ಪಾಲ್ಗೊಂಡಿದ್ದರು.
